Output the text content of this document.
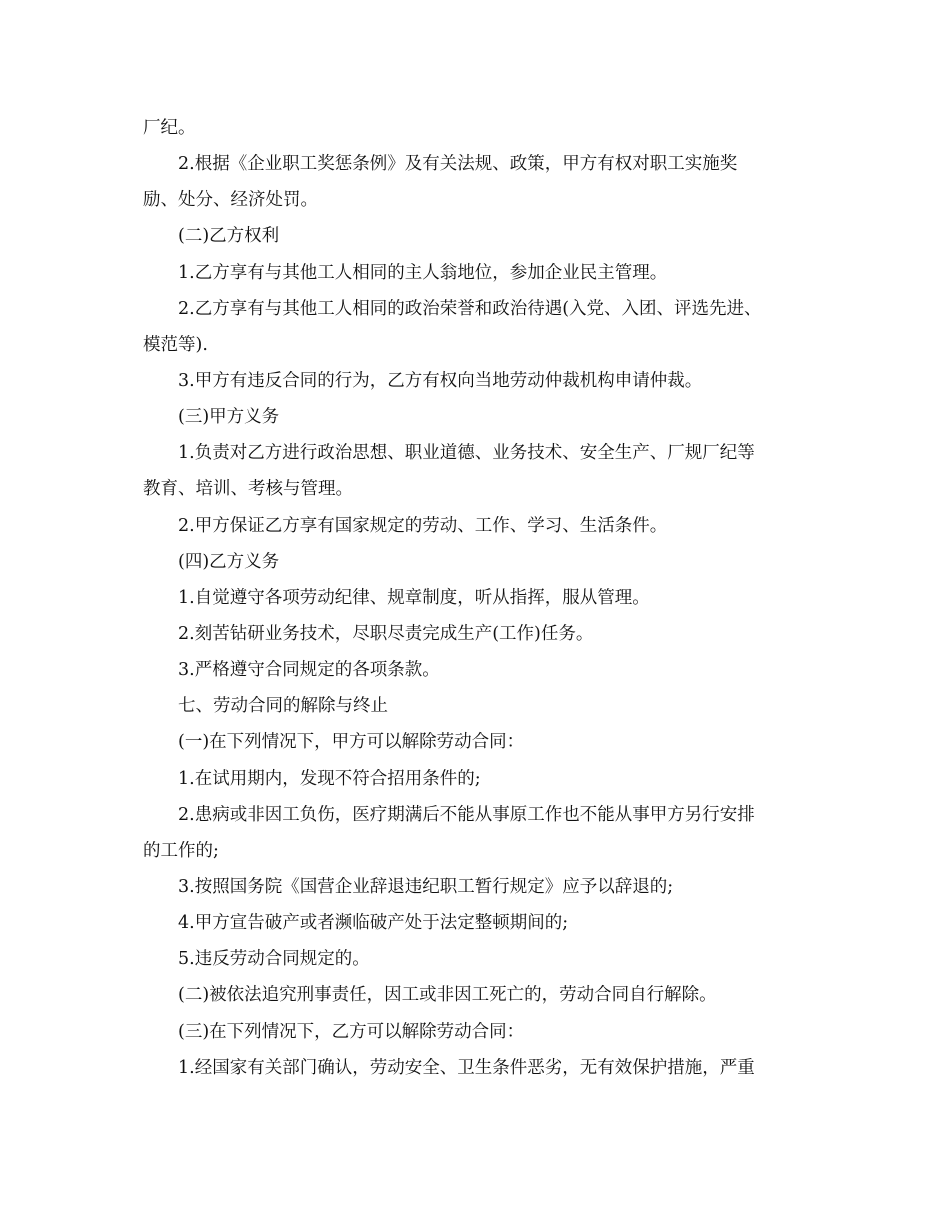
厂纪。
2.根据《企业职工奖惩条例》及有关法规、政策，甲方有权对职工实施奖
励、处分、经济处罚。
(二)乙方权利
1.乙方享有与其他工人相同的主人翁地位，参加企业民主管理。
2.乙方享有与其他工人相同的政治荣誉和政治待遇(入党、入团、评选先进、
模范等).
3.甲方有违反合同的行为，乙方有权向当地劳动仲裁机构申请仲裁。
(三)甲方义务
1.负责对乙方进行政治思想、职业道德、业务技术、安全生产、厂规厂纪等
教育、培训、考核与管理。
2.甲方保证乙方享有国家规定的劳动、工作、学习、生活条件。
(四)乙方义务
1.自觉遵守各项劳动纪律、规章制度，听从指挥，服从管理。
2.刻苦钻研业务技术，尽职尽责完成生产(工作)任务。
3.严格遵守合同规定的各项条款。
七、劳动合同的解除与终止
(一)在下列情况下，甲方可以解除劳动合同：
1.在试用期内，发现不符合招用条件的;
2.患病或非因工负伤，医疗期满后不能从事原工作也不能从事甲方另行安排
的工作的;
3.按照国务院《国营企业辞退违纪职工暂行规定》应予以辞退的;
4.甲方宣告破产或者濒临破产处于法定整顿期间的;
5.违反劳动合同规定的。
(二)被依法追究刑事责任，因工或非因工死亡的，劳动合同自行解除。
(三)在下列情况下，乙方可以解除劳动合同：
1.经国家有关部门确认，劳动安全、卫生条件恶劣，无有效保护措施，严重
